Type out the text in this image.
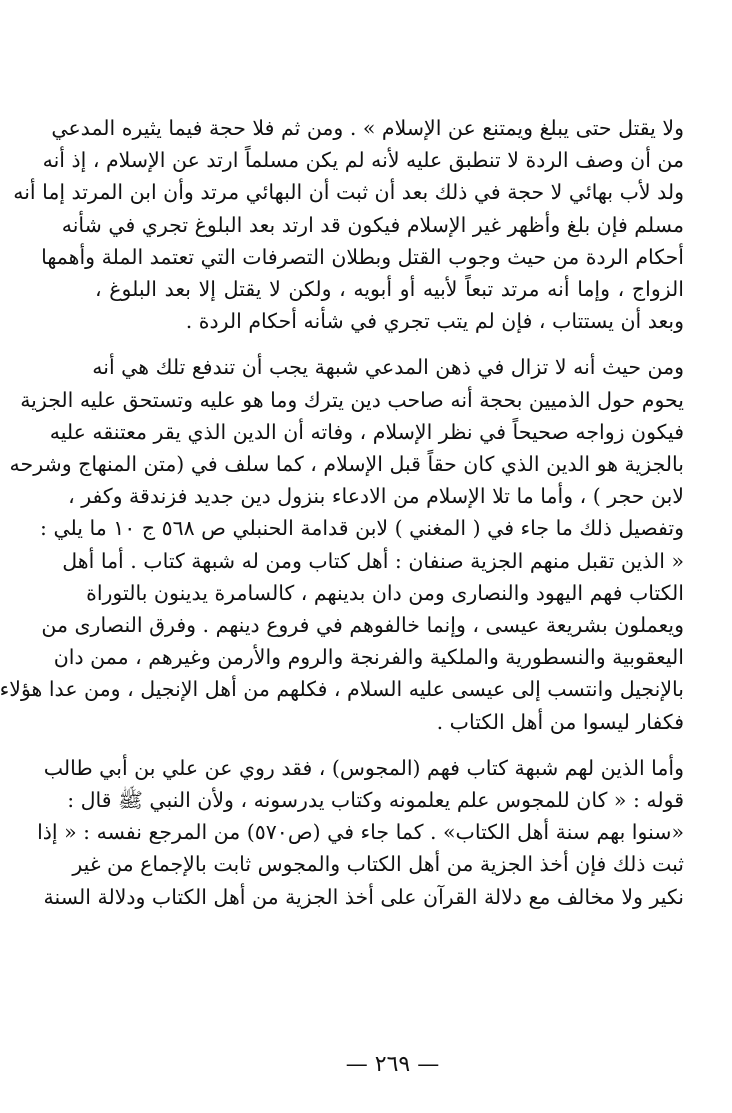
ولا يقتل حتى يبلغ ويمتنع عن الإسلام » . ومن ثم فلا حجة فيما يثيره المدعي
من أن وصف الردة لا تنطبق عليه لأنه لم يكن مسلماً ارتد عن الإسلام ، إذ أنه
ولد لأب بهائي لا حجة في ذلك بعد أن ثبت أن البهائي مرتد وأن ابن المرتد إما أنه
مسلم فإن بلغ وأظهر غير الإسلام فيكون قد ارتد بعد البلوغ تجري في شأنه
أحكام الردة من حيث وجوب القتل وبطلان التصرفات التي تعتمد الملة وأهمها
الزواج ، وإما أنه مرتد تبعاً لأبيه أو أبويه ، ولكن لا يقتل إلا بعد البلوغ ،
وبعد أن يستتاب ، فإن لم يتب تجري في شأنه أحكام الردة .
ومن حيث أنه لا تزال في ذهن المدعي شبهة يجب أن تندفع تلك هي أنه
يحوم حول الذميين بحجة أنه صاحب دين يترك وما هو عليه وتستحق عليه الجزية
فيكون زواجه صحيحاً في نظر الإسلام ، وفاته أن الدين الذي يقر معتنقه عليه
بالجزية هو الدين الذي كان حقاً قبل الإسلام ، كما سلف في (متن المنهاج وشرحه
لابن حجر ) ، وأما ما تلا الإسلام من الادعاء بنزول دين جديد فزندقة وكفر ،
وتفصيل ذلك ما جاء في ( المغني ) لابن قدامة الحنبلي ص ٥٦٨ ج ١٠ ما يلي :
« الذين تقبل منهم الجزية صنفان : أهل كتاب ومن له شبهة كتاب . أما أهل
الكتاب فهم اليهود والنصارى ومن دان بدينهم ، كالسامرة يدينون بالتوراة
ويعملون بشريعة عيسى ، وإنما خالفوهم في فروع دينهم . وفرق النصارى من
اليعقوبية والنسطورية والملكية والفرنجة والروم والأرمن وغيرهم ، ممن دان
بالإنجيل وانتسب إلى عيسى عليه السلام ، فكلهم من أهل الإنجيل ، ومن عدا هؤلاء
فكفار ليسوا من أهل الكتاب .
وأما الذين لهم شبهة كتاب فهم (المجوس) ، فقد روي عن علي بن أبي طالب
قوله : « كان للمجوس علم يعلمونه وكتاب يدرسونه ، ولأن النبي ﷺ قال :
«سنوا بهم سنة أهل الكتاب» . كما جاء في (ص٥٧٠) من المرجع نفسه : « إذا
ثبت ذلك فإن أخذ الجزية من أهل الكتاب والمجوس ثابت بالإجماع من غير
نكير ولا مخالف مع دلالة القرآن على أخذ الجزية من أهل الكتاب ودلالة السنة
— ٢٦٩ —
